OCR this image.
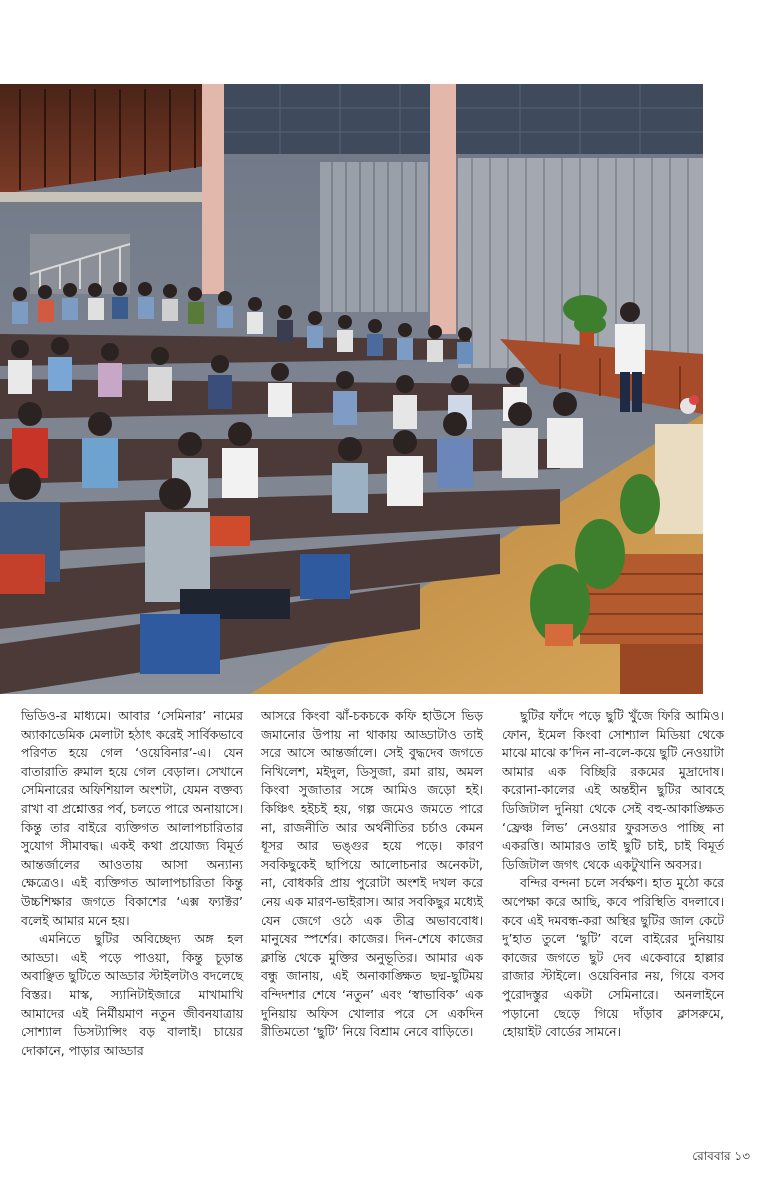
ভিডিও-র মাধ্যমে। আবার ‘সেমিনার’ নামের অ্যাকাডেমিক মেলাটা হঠাৎ করেই সার্বিকভাবে পরিণত হয়ে গেল ‘ওয়েবিনার’-এ। যেন বাতারাতি রুমাল হয়ে গেল বেড়াল। সেখানে সেমিনারের অফিশিয়াল অংশটা, যেমন বক্তব্য রাখা বা প্রশ্নোত্তর পর্ব, চলতে পারে অনায়াসে। কিন্তু তার বাইরে ব্যক্তিগত আলাপচারিতার সুযোগ সীমাবদ্ধ। একই কথা প্রযোজ্য বিমূর্ত আন্তর্জালের আওতায় আসা অন্যান্য ক্ষেত্রেও। এই ব্যক্তিগত আলাপচারিতা কিন্তু উচ্চশিক্ষার জগতে বিকাশের ‘এক্স ফ্যাক্টর’ বলেই আমার মনে হয়।

এমনিতে ছুটির অবিচ্ছেদ্য অঙ্গ হল আড্ডা। এই পড়ে পাওয়া, কিন্তু চূড়ান্ত অবাঞ্ছিত ছুটিতে আড্ডার স্টাইলটাও বদলেছে বিস্তর। মাস্ক, স্যানিটাইজারে মাখামাখি আমাদের এই নির্মীয়মাণ নতুন জীবনযাত্রায় সোশ্যাল ডিসট্যান্সিং বড় বালাই। চায়ের দোকানে, পাড়ার আড্ডার

আসরে কিংবা ঝাঁ-চকচকে কফি হাউসে ভিড় জমানোর উপায় না থাকায় আড্ডাটাও তাই সরে আসে আন্তর্জালে। সেই বুদ্ধদেব জগতে নিখিলেশ, মইদুল, ডিসুজা, রমা রায়, অমল কিংবা সুজাতার সঙ্গে আমিও জড়ো হই। কিঞ্চিৎ হইচই হয়, গল্প জমেও জমতে পারে না, রাজনীতি আর অর্থনীতির চর্চাও কেমন ধূসর আর ভঙ্গুর হয়ে পড়ে। কারণ সবকিছুকেই ছাপিয়ে আলোচনার অনেকটা, না, বোধকরি প্রায় পুরোটা অংশই দখল করে নেয় এক মারণ-ভাইরাস। আর সবকিছুর মধ্যেই যেন জেগে ওঠে এক তীব্র অভাববোধ। মানুষের স্পর্শের। কাজের। দিন-শেষে কাজের ক্লান্তি থেকে মুক্তির অনুভূতির। আমার এক বন্ধু জানায়, এই অনাকাঙ্ক্ষিত ছদ্ম-ছুটিময় বন্দিদশার শেষে ‘নতুন’ এবং ‘স্বাভাবিক’ এক দুনিয়ায় অফিস খোলার পরে সে একদিন রীতিমতো ‘ছুটি’ নিয়ে বিশ্রাম নেবে বাড়িতে।

ছুটির ফাঁদে পড়ে ছুটি খুঁজে ফিরি আমিও। ফোন, ইমেল কিংবা সোশ্যাল মিডিয়া থেকে মাঝে মাঝে ক’দিন না-বলে-কয়ে ছুটি নেওয়াটা আমার এক বিচ্ছিরি রকমের মুদ্রাদোষ। করোনা-কালের এই অন্তহীন ছুটির আবহে ডিজিটাল দুনিয়া থেকে সেই বহু-আকাঙ্ক্ষিত ‘ফ্রেঞ্চ লিভ’ নেওয়ার ফুরসতও পাচ্ছি না একরত্তি। আমারও তাই ছুটি চাই, চাই বিমূর্ত ডিজিটাল জগৎ থেকে একটুখানি অবসর।

বন্দির বন্দনা চলে সর্বক্ষণ। হাত মুঠো করে অপেক্ষা করে আছি, কবে পরিস্থিতি বদলাবে। কবে এই দমবন্ধ-করা অস্থির ছুটির জাল কেটে দু’হাত তুলে ‘ছুটি’ বলে বাইরের দুনিয়ায় কাজের জগতে ছুট দেব একেবারে হাল্লার রাজার স্টাইলে। ওয়েবিনার নয়, গিয়ে বসব পুরোদস্তুর একটা সেমিনারে। অনলাইনে পড়ানো ছেড়ে গিয়ে দাঁড়াব ক্লাসরুমে, হোয়াইট বোর্ডের সামনে।

রোববার ১৩
